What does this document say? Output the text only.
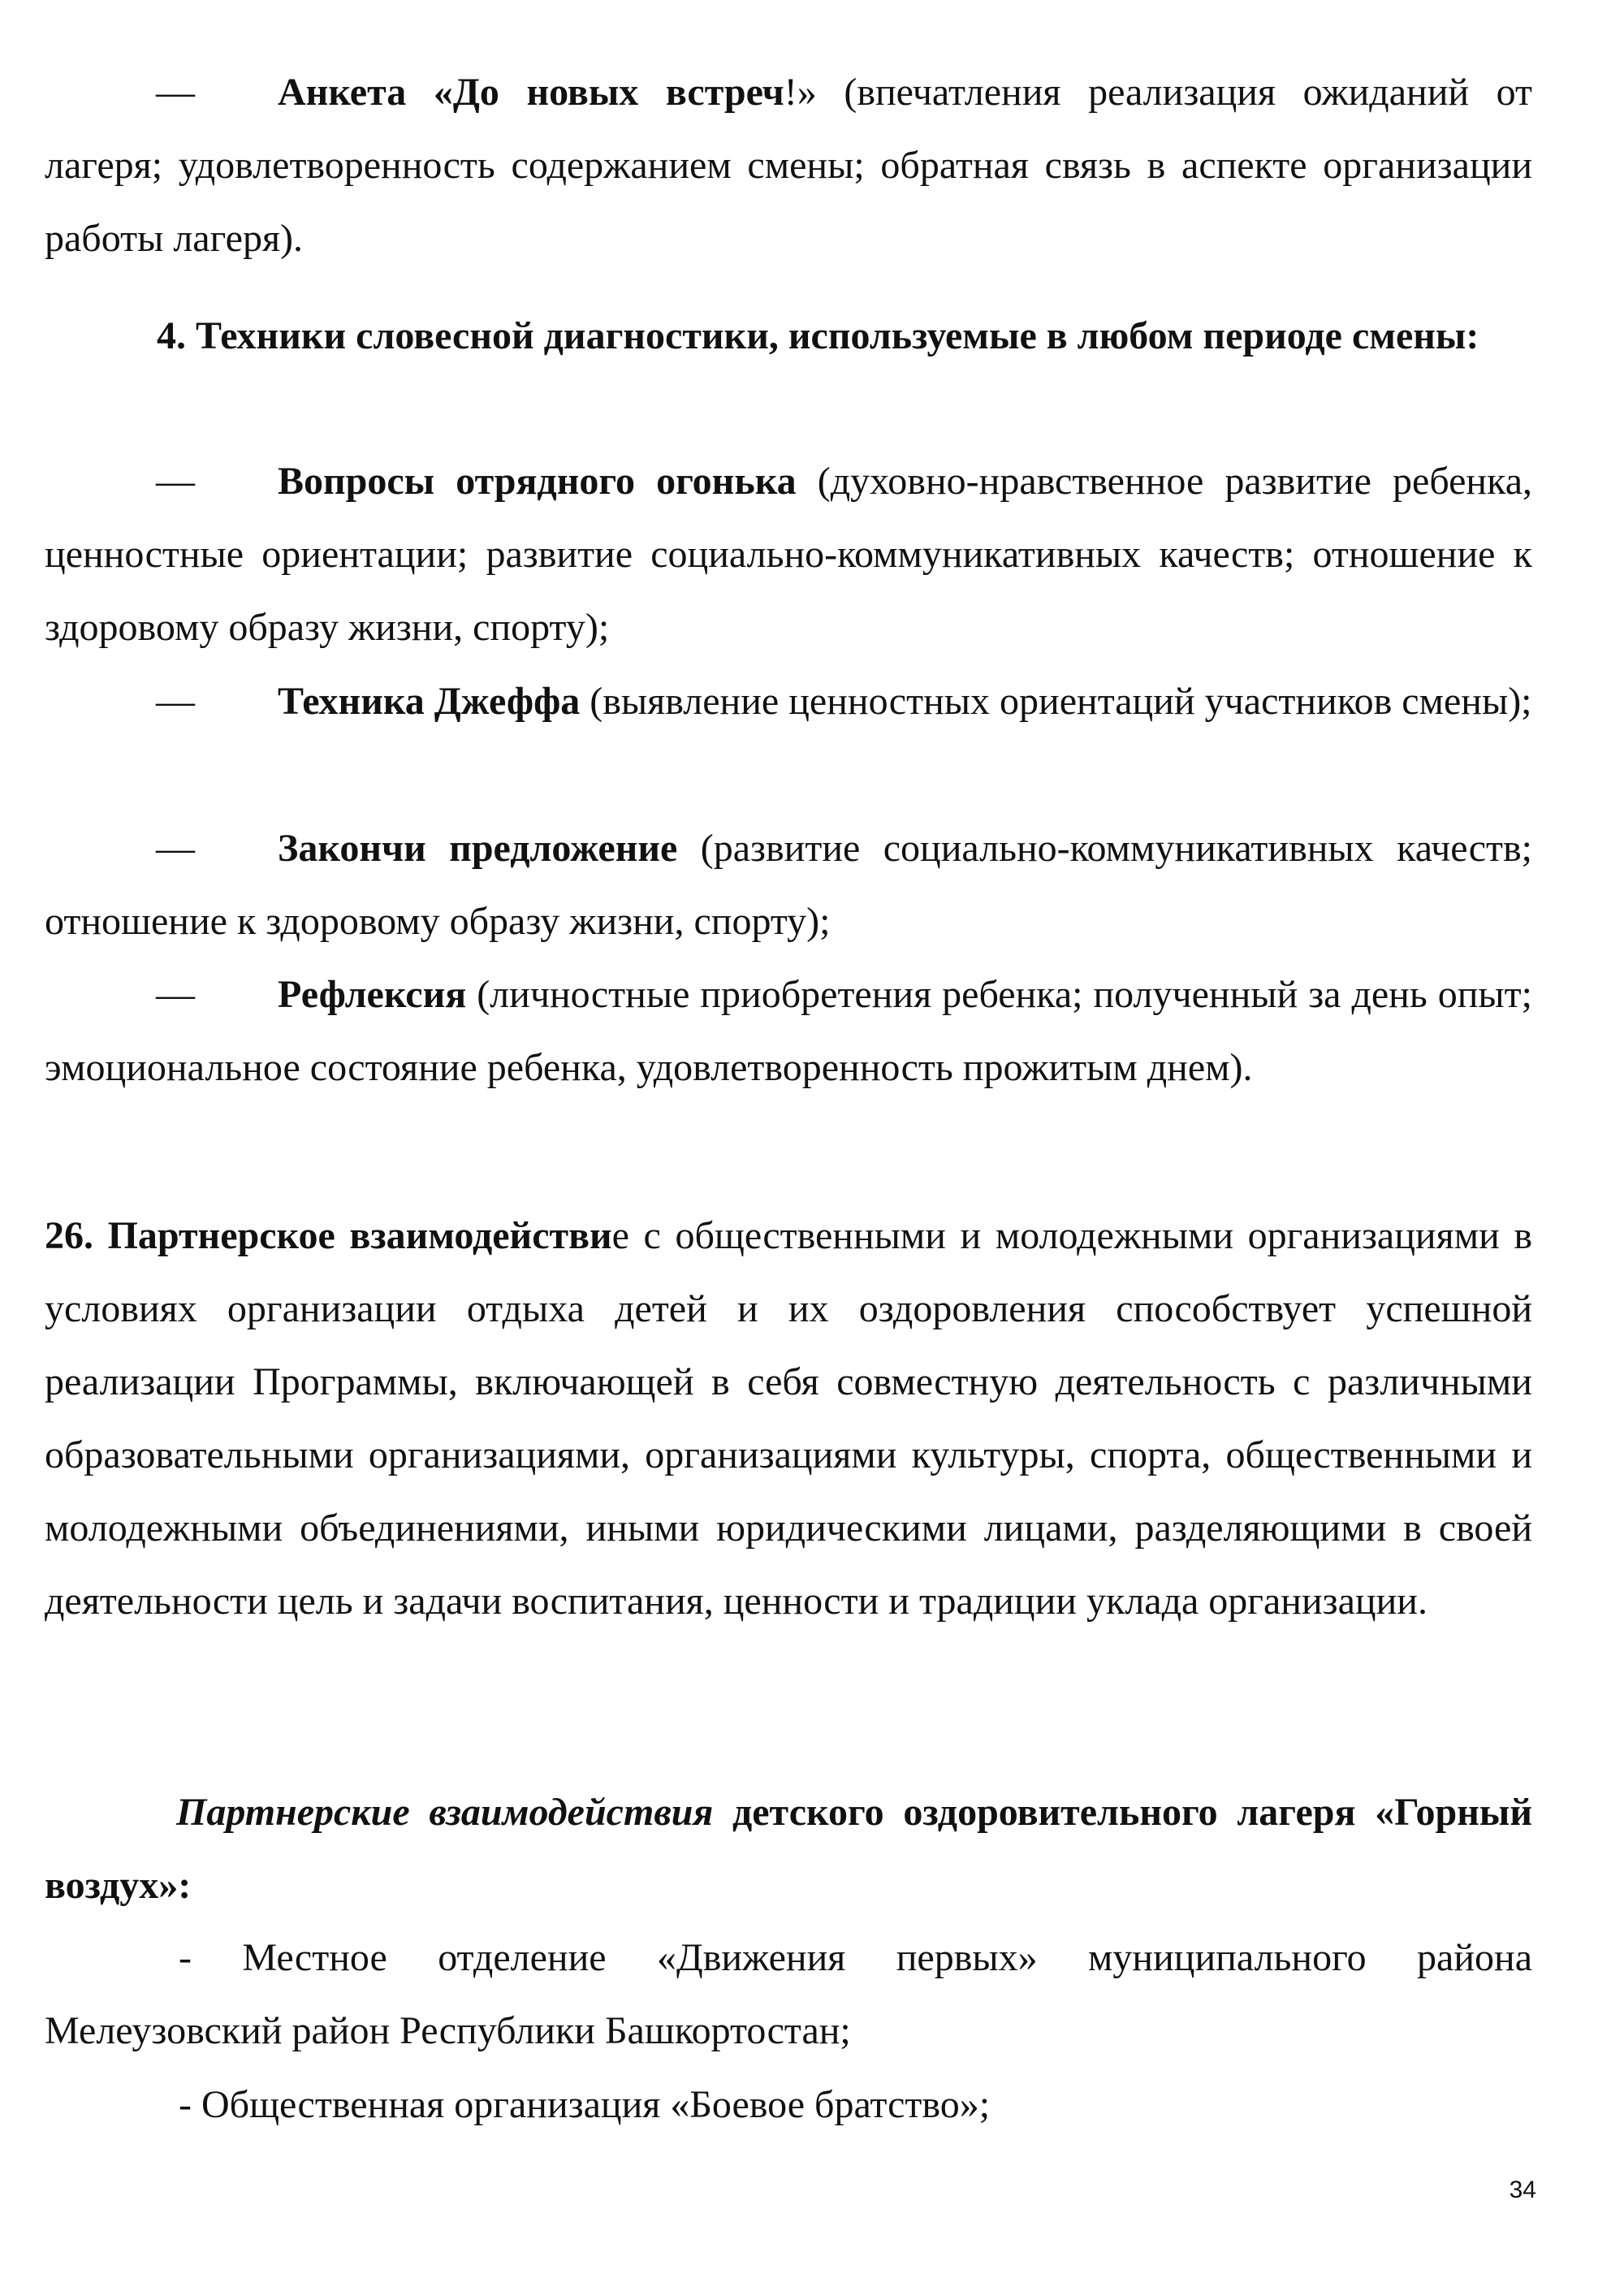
— Анкета «До новых встреч!» (впечатления реализация ожиданий от лагеря; удовлетворенность содержанием смены; обратная связь в аспекте организации работы лагеря).
4. Техники словесной диагностики, используемые в любом периоде смены:
— Вопросы отрядного огонька (духовно-нравственное развитие ребенка, ценностные ориентации; развитие социально-коммуникативных качеств; отношение к здоровому образу жизни, спорту);
— Техника Джеффа (выявление ценностных ориентаций участников смены);
— Закончи предложение (развитие социально-коммуникативных качеств; отношение к здоровому образу жизни, спорту);
— Рефлексия (личностные приобретения ребенка; полученный за день опыт; эмоциональное состояние ребенка, удовлетворенность прожитым днем).
26. Партнерское взаимодействие с общественными и молодежными организациями в условиях организации отдыха детей и их оздоровления способствует успешной реализации Программы, включающей в себя совместную деятельность с различными образовательными организациями, организациями культуры, спорта, общественными и молодежными объединениями, иными юридическими лицами, разделяющими в своей деятельности цель и задачи воспитания, ценности и традиции уклада организации.
Партнерские взаимодействия детского оздоровительного лагеря «Горный воздух»:
- Местное отделение «Движения первых» муниципального района Мелеузовский район Республики Башкортостан;
- Общественная организация «Боевое братство»;
34
